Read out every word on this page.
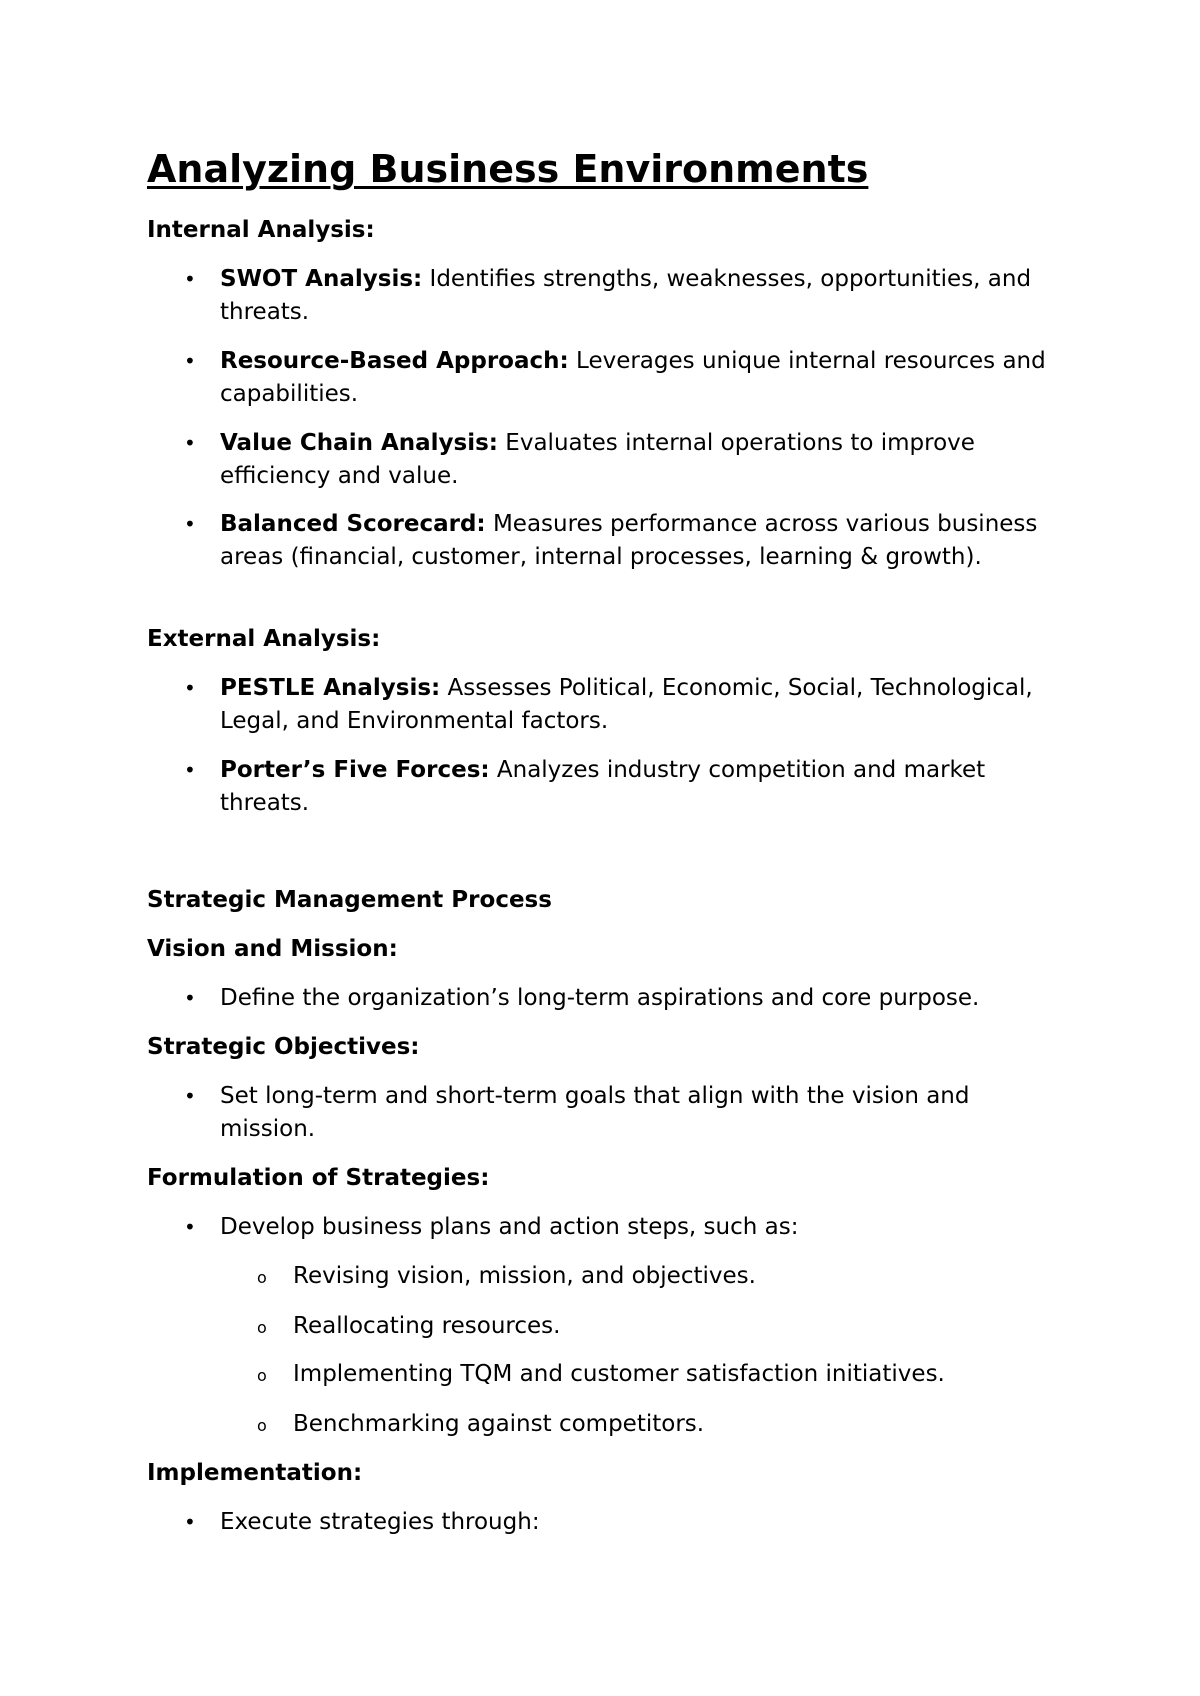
Analyzing Business Environments
Internal Analysis:
•	SWOT Analysis: Identifies strengths, weaknesses, opportunities, and threats.
•	Resource-Based Approach: Leverages unique internal resources and capabilities.
•	Value Chain Analysis: Evaluates internal operations to improve efficiency and value.
•	Balanced Scorecard: Measures performance across various business areas (financial, customer, internal processes, learning & growth).
External Analysis:
•	PESTLE Analysis: Assesses Political, Economic, Social, Technological, Legal, and Environmental factors.
•	Porter’s Five Forces: Analyzes industry competition and market threats.
Strategic Management Process
Vision and Mission:
•	Define the organization’s long-term aspirations and core purpose.
Strategic Objectives:
•	Set long-term and short-term goals that align with the vision and mission.
Formulation of Strategies:
•	Develop business plans and action steps, such as:
o	Revising vision, mission, and objectives.
o	Reallocating resources.
o	Implementing TQM and customer satisfaction initiatives.
o	Benchmarking against competitors.
Implementation:
•	Execute strategies through:
